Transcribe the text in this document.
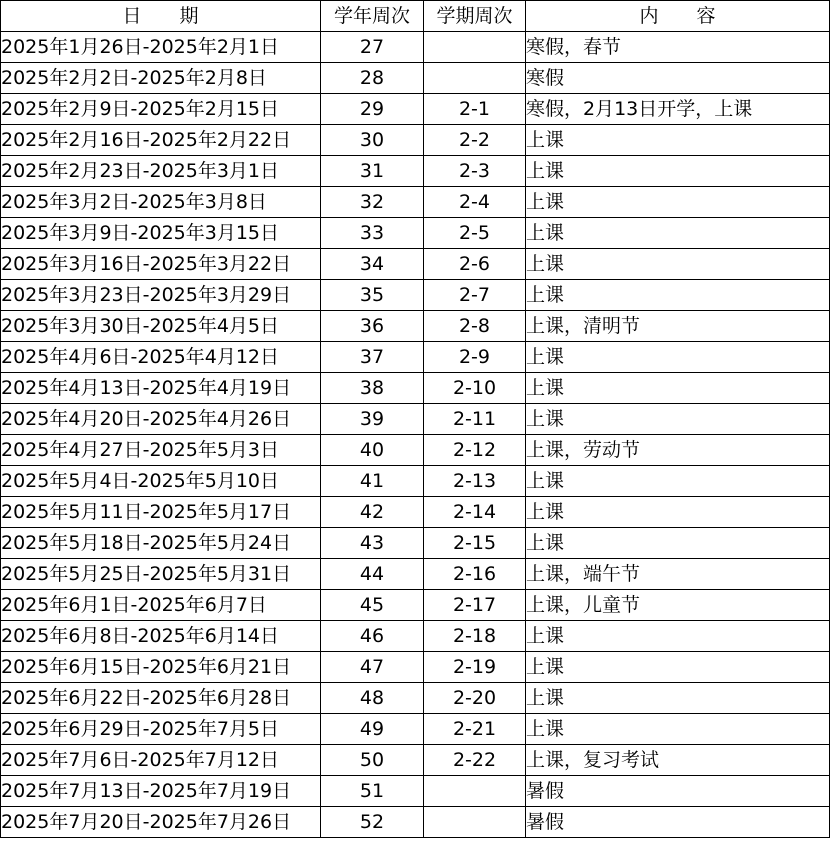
日　　期	学年周次	学期周次	内　　容
2025年1月26日-2025年2月1日	27		寒假，春节
2025年2月2日-2025年2月8日	28		寒假
2025年2月9日-2025年2月15日	29	2-1	寒假，2月13日开学，上课
2025年2月16日-2025年2月22日	30	2-2	上课
2025年2月23日-2025年3月1日	31	2-3	上课
2025年3月2日-2025年3月8日	32	2-4	上课
2025年3月9日-2025年3月15日	33	2-5	上课
2025年3月16日-2025年3月22日	34	2-6	上课
2025年3月23日-2025年3月29日	35	2-7	上课
2025年3月30日-2025年4月5日	36	2-8	上课，清明节
2025年4月6日-2025年4月12日	37	2-9	上课
2025年4月13日-2025年4月19日	38	2-10	上课
2025年4月20日-2025年4月26日	39	2-11	上课
2025年4月27日-2025年5月3日	40	2-12	上课，劳动节
2025年5月4日-2025年5月10日	41	2-13	上课
2025年5月11日-2025年5月17日	42	2-14	上课
2025年5月18日-2025年5月24日	43	2-15	上课
2025年5月25日-2025年5月31日	44	2-16	上课，端午节
2025年6月1日-2025年6月7日	45	2-17	上课，儿童节
2025年6月8日-2025年6月14日	46	2-18	上课
2025年6月15日-2025年6月21日	47	2-19	上课
2025年6月22日-2025年6月28日	48	2-20	上课
2025年6月29日-2025年7月5日	49	2-21	上课
2025年7月6日-2025年7月12日	50	2-22	上课，复习考试
2025年7月13日-2025年7月19日	51		暑假
2025年7月20日-2025年7月26日	52		暑假
